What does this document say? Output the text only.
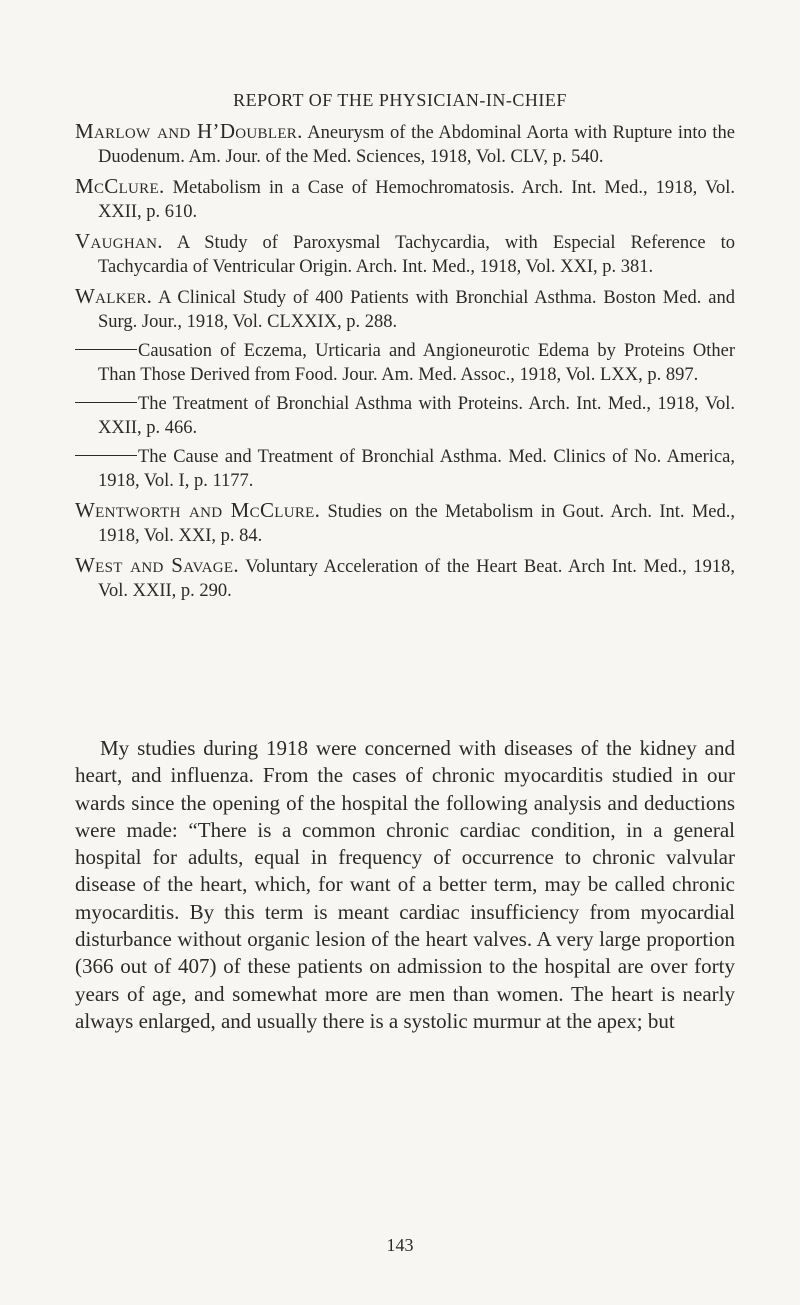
REPORT OF THE PHYSICIAN-IN-CHIEF

Marlow and H’Doubler. Aneurysm of the Abdominal Aorta with Rupture into the Duodenum. Am. Jour. of the Med. Sciences, 1918, Vol. CLV, p. 540.

McClure. Metabolism in a Case of Hemochromatosis. Arch. Int. Med., 1918, Vol. XXII, p. 610.

Vaughan. A Study of Paroxysmal Tachycardia, with Especial Reference to Tachycardia of Ventricular Origin. Arch. Int. Med., 1918, Vol. XXI, p. 381.

Walker. A Clinical Study of 400 Patients with Bronchial Asthma. Boston Med. and Surg. Jour., 1918, Vol. CLXXIX, p. 288.

Causation of Eczema, Urticaria and Angioneurotic Edema by Proteins Other Than Those Derived from Food. Jour. Am. Med. Assoc., 1918, Vol. LXX, p. 897.

The Treatment of Bronchial Asthma with Proteins. Arch. Int. Med., 1918, Vol. XXII, p. 466.

The Cause and Treatment of Bronchial Asthma. Med. Clinics of No. America, 1918, Vol. I, p. 1177.

Wentworth and McClure. Studies on the Metabolism in Gout. Arch. Int. Med., 1918, Vol. XXI, p. 84.

West and Savage. Voluntary Acceleration of the Heart Beat. Arch Int. Med., 1918, Vol. XXII, p. 290.

My studies during 1918 were concerned with diseases of the kidney and heart, and influenza. From the cases of chronic myocarditis studied in our wards since the opening of the hospital the following analysis and deductions were made: “There is a common chronic cardiac condition, in a general hospital for adults, equal in frequency of occurrence to chronic valvular disease of the heart, which, for want of a better term, may be called chronic myocarditis. By this term is meant cardiac insufficiency from myocardial disturbance without organic lesion of the heart valves. A very large proportion (366 out of 407) of these patients on admission to the hospital are over forty years of age, and somewhat more are men than women. The heart is nearly always enlarged, and usually there is a systolic murmur at the apex; but

143
